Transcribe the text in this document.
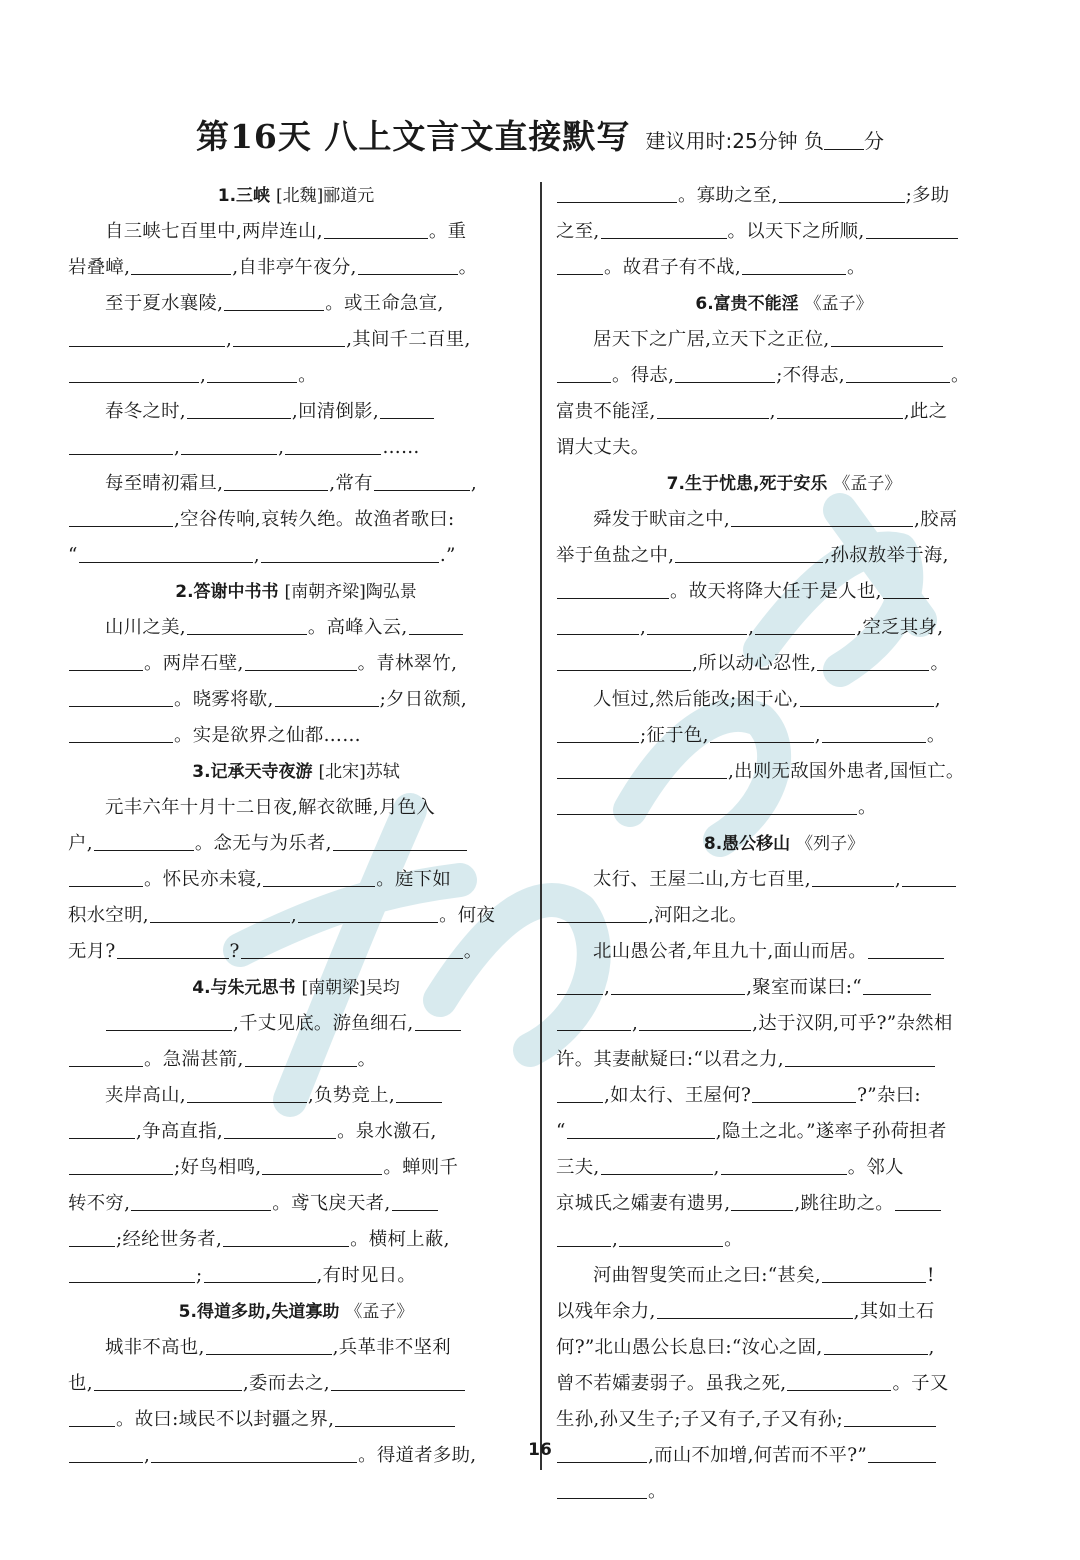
第16天 八上文言文直接默写 建议用时:25分钟 负 分
1.三峡 [北魏]郦道元
自三峡七百里中,两岸连山,	。重
岩叠嶂,	,自非亭午夜分,	。
至于夏水襄陵,	。或王命急宣,
,	,其间千二百里,
,	。
春冬之时,	,回清倒影,
,	,	……
每至晴初霜旦,	,常有	,
,空谷传响,哀转久绝。故渔者歌曰:
“	,	.”
2.答谢中书书 [南朝齐梁]陶弘景
山川之美,	。高峰入云,
。两岸石壁,	。青林翠竹,
。晓雾将歇,	;夕日欲颓,
。实是欲界之仙都……
3.记承天寺夜游 [北宋]苏轼
元丰六年十月十二日夜,解衣欲睡,月色入
户,	。念无与为乐者,
。怀民亦未寝,	。庭下如
积水空明,	,	。何夜
无月?	?	。
4.与朱元思书 [南朝梁]吴均
,千丈见底。游鱼细石,
。急湍甚箭,	。
夹岸高山,	,负势竞上,
,争高直指,	。泉水激石,
;好鸟相鸣,	。蝉则千
转不穷,	。鸢飞戾天者,
;经纶世务者,	。横柯上蔽,
;	,有时见日。
5.得道多助,失道寡助 《孟子》
城非不高也,	,兵革非不坚利
也,	,委而去之,
。故曰:域民不以封疆之界,
,	。得道者多助,
。寡助之至,	;多助
之至,	。以天下之所顺,
。故君子有不战,	。
6.富贵不能淫 《孟子》
居天下之广居,立天下之正位,
。得志,	;不得志,	。
富贵不能淫,	,	,此之
谓大丈夫。
7.生于忧患,死于安乐 《孟子》
舜发于畎亩之中,	,胶鬲
举于鱼盐之中,	,孙叔敖举于海,
。故天将降大任于是人也,
,	,	,空乏其身,
,所以动心忍性,	。
人恒过,然后能改;困于心,	,
;征于色,	,	。
,出则无敌国外患者,国恒亡。
。
8.愚公移山 《列子》
太行、王屋二山,方七百里,	,
,河阳之北。
北山愚公者,年且九十,面山而居。
,	,聚室而谋曰:“
,	,达于汉阴,可乎?”杂然相
许。其妻献疑曰:“以君之力,
,如太行、王屋何?	?”杂曰:
“	,隐土之北。”遂率子孙荷担者
三夫,	,	。邻人
京城氏之孀妻有遗男,	,跳往助之。
,	。
河曲智叟笑而止之曰:“甚矣,	!
以残年余力,	,其如土石
何?”北山愚公长息曰:“汝心之固,	,
曾不若孀妻弱子。虽我之死,	。子又
生孙,孙又生子;子又有子,子又有孙;
,而山不加增,何苦而不平?”
。
16
